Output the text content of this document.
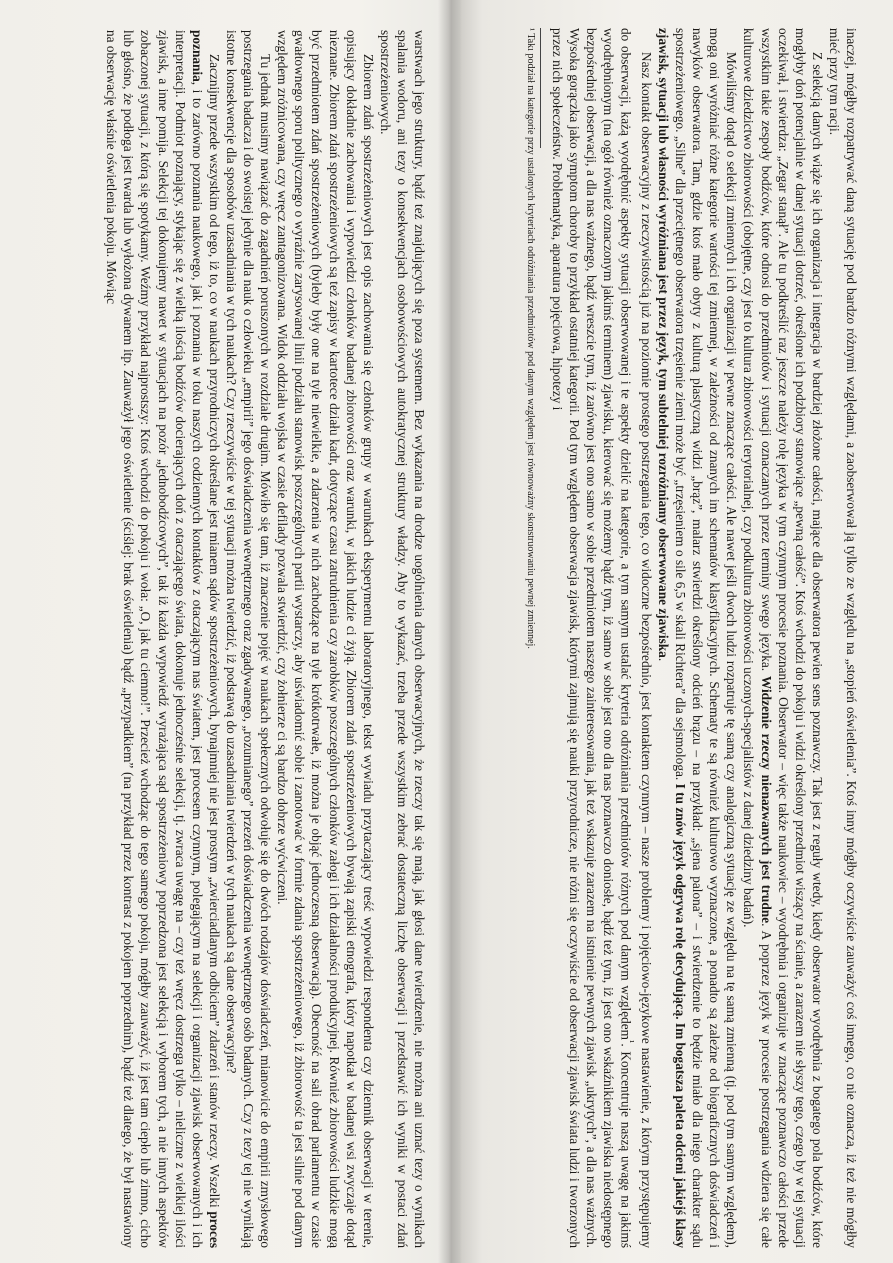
warstwach jego struktury, bądź też znajdujących się poza systemem. Bez wykazania na drodze uogólnienia danych obserwacyjnych, że rzeczy tak się mają, jak głosi dane twierdzenie, nie można ani uznać tezy o wynikach spalania wodoru, ani tezy o konsekwencjach osobowościowych autokratycznej struktury władzy. Aby to wykazać, trzeba przede wszystkim zebrać dostateczną liczbę obserwacji i przedstawić ich wyniki w postaci zdań spostrzeżeniowych.

Zbiorem zdań spostrzeżeniowych jest opis zachowania się członków grupy w warunkach eksperymentu laboratoryjnego, tekst wywiadu przytaczający treść wypowiedzi respondenta czy dziennik obserwacji w terenie, opisujący dokładnie zachowania i wypowiedzi członków badanej zbiorowości oraz warunki, w jakich ludzie ci żyją. Zbiorem zdań spostrzeżeniowych bywają zapiski etnografa, który napotkał w badanej wsi zwyczaje dotąd nieznane. Zbiorem zdań spostrzeżeniowych są też zapisy w kartotece działu kadr, dotyczące czasu zatrudnienia czy zarobków poszczególnych członków załogi i ich działalności produkcyjnej. Również zbiorowości ludzkie mogą być przedmiotem zdań spostrzeżeniowych (byleby były one na tyle niewielkie, a zdarzenia w nich zachodzące na tyle krótkotrwałe, iż można je objąć jednoczesną obserwacją). Obecność na sali obrad parlamentu w czasie gwałtownego sporu politycznego o wyraźnie zarysowanej linii podziału stanowisk poszczególnych partii wystarczy, aby uświadomić sobie i zanotować w formie zdania spostrzeżeniowego, iż zbiorowość ta jest silnie pod danym względem zróżnicowana, czy wręcz zantagonizowana. Widok oddziału wojska w czasie defilady pozwala stwierdzić, czy żołnierze ci są bardzo dobrze wyćwiczeni.

Tu jednak musimy nawiązać do zagadnień poruszonych w rozdziale drugim. Mówiło się tam, iż znaczenie pojęć w naukach społecznych odwołuje się do dwóch rodzajów doświadczeń, mianowicie do empirii zmysłowego postrzegania badacza i do swoistej jedynie dla nauk o człowieku „empirii” jego doświadczenia wewnętrznego oraz zgadywanego, „rozumianego” przezeń doświadczenia wewnętrznego osób badanych. Czy z tezy tej nie wynikają istotne konsekwencje dla sposobów uzasadniania w tych naukach? Czy rzeczywiście w tej sytuacji można twierdzić, iż podstawą do uzasadniania twierdzeń w tych naukach są dane obserwacyjne?

Zacznijmy przede wszystkim od tego, iż to, co w naukach przyrodniczych określane jest mianem sądów spostrzeżeniowych, bynajmniej nie jest prostym „zwierciadlanym odbiciem” zdarzeń i stanów rzeczy. Wszelki proces poznania, i to zarówno poznania naukowego, jak i poznania w toku naszych codziennych kontaktów z otaczającym nas światem, jest procesem czynnym, polegającym na selekcji i organizacji zjawisk obserwowanych i ich interpretacji. Podmiot poznający, stykając się z wielką ilością bodźców docierających doń z otaczającego świata, dokonuje jednocześnie selekcji, tj. zwraca uwagę na – czy też wręcz dostrzega tylko – nieliczne z wielkiej ilości zjawisk, a inne pomija. Selekcji tej dokonujemy nawet w sytuacjach na pozór „jednobodźcowych”, tak iż każda wypowiedź wyrażająca sąd spostrzeżeniowy poprzedzona jest selekcją i wyborem tych, a nie innych aspektów zobaczonej sytuacji, z którą się spotykamy. Weźmy przykład najprostszy: Ktoś wchodzi do pokoju i woła: „O, jak tu ciemno!”. Przecież wchodząc do tego samego pokoju, mógłby zauważyć, iż jest tam ciepło lub zimno, cicho lub głośno, że podłoga jest twarda lub wyłożona dywanem itp. Zauważył jego oświetlenie (ściślej: brak oświetlenia) bądź „przypadkiem” (na przykład przez kontrast z pokojem poprzednim), bądź też dlatego, że był nastawiony na obserwację właśnie oświetlenia pokoju. Mówiąc	inaczej, mógłby rozpatrywać daną sytuację pod bardzo różnymi względami, a zaobserwował ją tylko ze względu na „stopień oświetlenia”. Ktoś inny mógłby oczywiście zauważyć coś innego, co nie oznacza, iż też nie mógłby mieć przy tym racji.

Z selekcją danych wiąże się ich organizacja i integracja w bardziej złożone całości, mające dla obserwatora pewien sens poznawczy. Tak jest z reguły wtedy, kiedy obserwator wyodrębnia z bogatego pola bodźców, które mogłyby doń potencjalnie w danej sytuacji dotrzeć, określone ich podzbiory stanowiące „pewną całość”. Ktoś wchodzi do pokoju i widzi określony przedmiot wiszący na ścianie, a zarazem nie słyszy tego, czego by w tej sytuacji oczekiwał, i stwierdza: „Zegar stanął”. Ale tu podkreślić raz jeszcze należy rolę języka w tym czynnym procesie poznania. Obserwator – więc także naukowiec – wyodrębnia i organizuje w znaczące poznawczo całości przede wszystkim takie zespoły bodźców, które odnosi do przedmiotów i sytuacji oznaczanych przez terminy swego języka. Widzenie rzeczy nienazwanych jest trudne. A poprzez język w procesie postrzegania wdziera się całe kulturowe dziedzictwo zbiorowości (obojętne, czy jest to kultura zbiorowości terytorialnej, czy podkultura zbiorowości uczonych-specjalistów z danej dziedziny badań).

Mówiliśmy dotąd o selekcji zmiennych i ich organizacji w pewne znaczące całości. Ale nawet jeśli dwoch ludzi rozpatruje tę samą czy analogiczną sytuację ze względu na tę samą zmienną (tj. pod tym samym względem), mogą oni wyróżniać różne kategorie wartości tej zmiennej, w zależności od znanych im schematów klasyfikacyjnych. Schematy te są również kulturowo wyznaczone, a ponadto są zależne od biograficznych doświadczeń i nawyków obserwatora. Tam, gdzie ktoś mało obyty z kulturą plastyczną widzi „brąz”, malarz stwierdzi określony odcień brązu – na przykład: „sjena palona” – i stwierdzenie to będzie miało dla niego charakter sądu spostrzeżeniowego. „Silne” dla przeciętnego obserwatora trzęsienie ziemi może być „trzęsieniem o sile 6,5 w skali Richtera” dla sejsmologa. I tu znów język odgrywa rolę decydującą. Im bogatsza paleta odcieni jakiejś klasy zjawisk, sytuacji lub własności wyróżniana jest przez język, tym subtelniej rozróżniamy obserwowane zjawiska.

Nasz kontakt obserwacyjny z rzeczywistością już na poziomie prostego postrzegania tego, co widoczne bezpośrednio, jest kontaktem czynnym – nasze problemy i pojęciowo-językowe nastawienie, z którym przystępujemy do obserwacji, każą wyodrębnić aspekty sytuacji obserwowanej i te aspekty dzielić na kategorie, a tym samym ustalać kryteria odróżniania przedmiotów różnych pod danym względem$^{^1}$. Koncentruje naszą uwagę na jakimś wyodrębnionym (na ogół również oznaczonym jakimś terminem) zjawisku, kierować się możemy bądź tym, iż samo w sobie jest ono dla nas poznawczo doniosłe, bądź też tym, iż jest ono wskaźnikiem zjawiska niedostępnego bezpośredniej obserwacji, a dla nas ważnego, bądź wreszcie tym, iż zarówno jest ono samo w sobie przedmiotem naszego zainteresowania, jak też wskazuje zarazem na istnienie pewnych zjawisk „ukrytych”, a dla nas ważnych. Wysoka gorączka jako symptom choroby to przykład ostatniej kategorii. Pod tym względem obserwacja zjawisk, którymi zajmują się nauki przyrodnicze, nie różni się oczywiście od obserwacji zjawisk świata ludzi i tworzonych przez nich społeczeństw. Problematyka, aparatura pojęciowa, hipotezy i

¹ Takı podział na kategorie przy ustalonych kryteriach odróżniania przedmiotów pod danym względem jest równoważny skonstruowaniu pewnej zmiennej.
